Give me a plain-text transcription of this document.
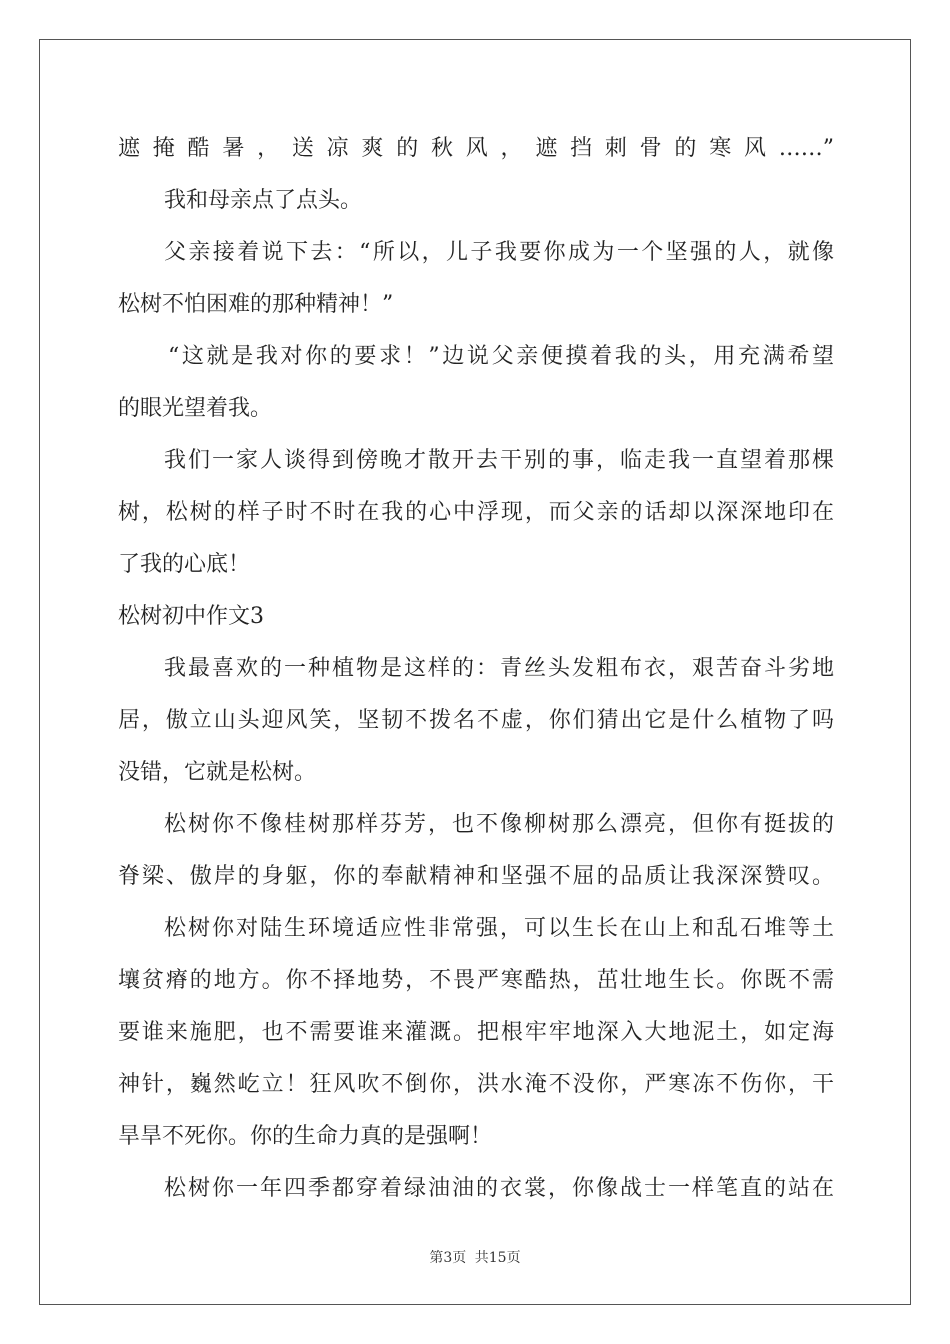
遮掩酷暑，送凉爽的秋风，遮挡刺骨的寒风……”
我和母亲点了点头。
父亲接着说下去：“所以，儿子我要你成为一个坚强的人，就像
松树不怕困难的那种精神！”
“这就是我对你的要求！”边说父亲便摸着我的头，用充满希望
的眼光望着我。
我们一家人谈得到傍晚才散开去干别的事，临走我一直望着那棵
树，松树的样子时不时在我的心中浮现，而父亲的话却以深深地印在
了我的心底！
松树初中作文3
我最喜欢的一种植物是这样的：青丝头发粗布衣，艰苦奋斗劣地
居，傲立山头迎风笑，坚韧不拨名不虚，你们猜出它是什么植物了吗
没错，它就是松树。
松树你不像桂树那样芬芳，也不像柳树那么漂亮，但你有挺拔的
脊梁、傲岸的身躯，你的奉献精神和坚强不屈的品质让我深深赞叹。
松树你对陆生环境适应性非常强，可以生长在山上和乱石堆等土
壤贫瘠的地方。你不择地势，不畏严寒酷热，茁壮地生长。你既不需
要谁来施肥，也不需要谁来灌溉。把根牢牢地深入大地泥土，如定海
神针，巍然屹立！狂风吹不倒你，洪水淹不没你，严寒冻不伤你，干
旱旱不死你。你的生命力真的是强啊！
松树你一年四季都穿着绿油油的衣裳，你像战士一样笔直的站在
第3页 共15页
